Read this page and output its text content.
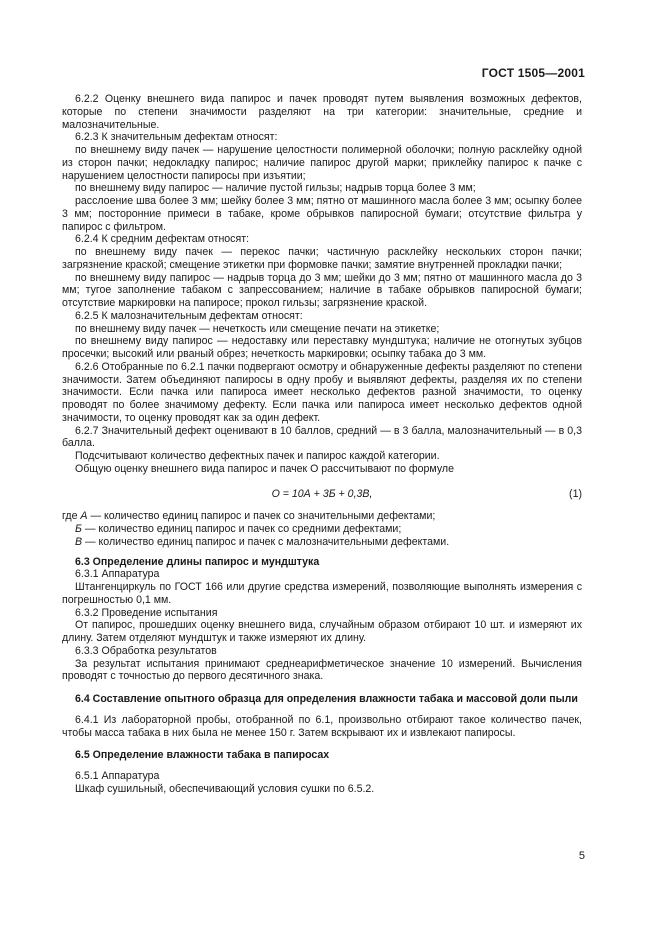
ГОСТ 1505—2001

6.2.2 Оценку внешнего вида папирос и пачек проводят путем выявления возможных дефектов, которые по степени значимости разделяют на три категории: значительные, средние и малозначительные.

6.2.3 К значительным дефектам относят:

по внешнему виду пачек — нарушение целостности полимерной оболочки; полную расклейку одной из сторон пачки; недокладку папирос; наличие папирос другой марки; приклейку папирос к пачке с нарушением целостности папиросы при изъятии;

по внешнему виду папирос — наличие пустой гильзы; надрыв торца более 3 мм;

расслоение шва более 3 мм; шейку более 3 мм; пятно от машинного масла более 3 мм; осыпку более 3 мм; посторонние примеси в табаке, кроме обрывков папиросной бумаги; отсутствие фильтра у папирос с фильтром.

6.2.4 К средним дефектам относят:

по внешнему виду пачек — перекос пачки; частичную расклейку нескольких сторон пачки; загрязнение краской; смещение этикетки при формовке пачки; замятие внутренней прокладки пачки;

по внешнему виду папирос — надрыв торца до 3 мм; шейки до 3 мм; пятно от машинного масла до 3 мм; тугое заполнение табаком с запрессованием; наличие в табаке обрывков папиросной бумаги; отсутствие маркировки на папиросе; прокол гильзы; загрязнение краской.

6.2.5 К малозначительным дефектам относят:

по внешнему виду пачек — нечеткость или смещение печати на этикетке;

по внешнему виду папирос — недоставку или переставку мундштука; наличие не отогнутых зубцов просечки; высокий или рваный обрез; нечеткость маркировки; осыпку табака до 3 мм.

6.2.6 Отобранные по 6.2.1 пачки подвергают осмотру и обнаруженные дефекты разделяют по степени значимости. Затем объединяют папиросы в одну пробу и выявляют дефекты, разделяя их по степени значимости. Если пачка или папироса имеет несколько дефектов разной значимости, то оценку проводят по более значимому дефекту. Если пачка или папироса имеет несколько дефектов одной значимости, то оценку проводят как за один дефект.

6.2.7 Значительный дефект оценивают в 10 баллов, средний — в 3 балла, малозначительный — в 0,3 балла.

Подсчитывают количество дефектных пачек и папирос каждой категории.

Общую оценку внешнего вида папирос и пачек О рассчитывают по формуле

О = 10А + 3Б + 0,3В,	(1)

где А — количество единиц папирос и пачек со значительными дефектами;

Б — количество единиц папирос и пачек со средними дефектами;

В — количество единиц папирос и пачек с малозначительными дефектами.

6.3 Определение длины папирос и мундштука

6.3.1 Аппаратура

Штангенциркуль по ГОСТ 166 или другие средства измерений, позволяющие выполнять измерения с погрешностью 0,1 мм.

6.3.2 Проведение испытания

От папирос, прошедших оценку внешнего вида, случайным образом отбирают 10 шт. и измеряют их длину. Затем отделяют мундштук и также измеряют их длину.

6.3.3 Обработка результатов

За результат испытания принимают среднеарифметическое значение 10 измерений. Вычисления проводят с точностью до первого десятичного знака.

6.4 Составление опытного образца для определения влажности табака и массовой доли пыли

6.4.1 Из лабораторной пробы, отобранной по 6.1, произвольно отбирают такое количество пачек, чтобы масса табака в них была не менее 150 г. Затем вскрывают их и извлекают папиросы.

6.5 Определение влажности табака в папиросах

6.5.1 Аппаратура

Шкаф сушильный, обеспечивающий условия сушки по 6.5.2.

5
